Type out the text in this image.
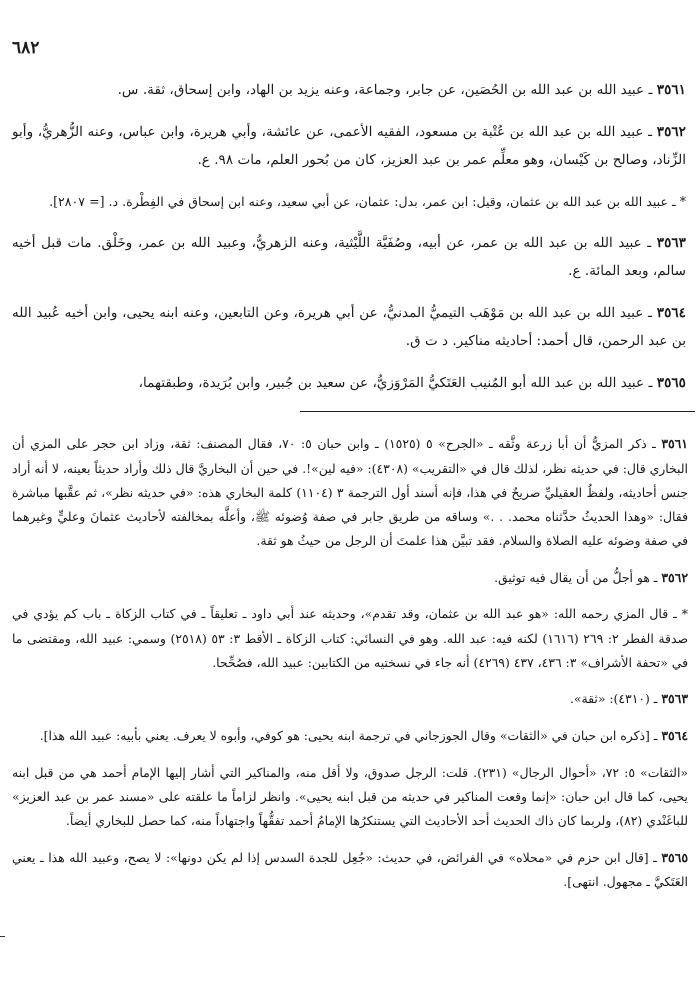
٦٨٢

٣٥٦١ ـ عبيد الله بن عبد الله بن الحُصَين، عن جابر، وجماعة، وعنه يزيد بن الهاد، وابن إسحاق، ثقة. س.

٣٥٦٢ ـ عبيد الله بن عبد الله بن عُتْبة بن مسعود، الفقيه الأعمى، عن عائشة، وأبي هريرة، وابن عباس، وعنه الزُّهريُّ، وأبو الزِّناد، وصالح بن كَيْسان، وهو معلِّم عمر بن عبد العزيز، كان من بُحور العلم، مات ٩٨. ع.

* ـ عبيد الله بن عبد الله بن عثمان، وقيل: ابن عمر، بدل: عثمان، عن أبي سعيد، وعنه ابن إسحاق في الفِطْرة. د. [= ٢٨٠٧].

٣٥٦٣ ـ عبيد الله بن عبد الله بن عمر، عن أبيه، وصُفَيَّة اللَّيْثية، وعنه الزهريُّ، وعبيد الله بن عمر، وخَلْق. مات قبل أخيه سالم، وبعد المائة. ع.

٣٥٦٤ ـ عبيد الله بن عبد الله بن مَوْهَب التيميُّ المدنيُّ، عن أبي هريرة، وعن التابعين، وعنه ابنه يحيى، وابن أخيه عُبيد الله بن عبد الرحمن، قال أحمد: أحاديثه مناكير. د ت ق.

٣٥٦٥ ـ عبيد الله بن عبد الله أبو المُنيب العَتَكيُّ المَرْوَزيُّ، عن سعيد بن جُبير، وابن بُرَيدة، وطبقتهما،

٣٥٦١ ـ ذكر المزيُّ أن أبا زرعة وثَّقه ـ «الجرح» ٥ (١٥٢٥) ـ وابن حبان ٥: ٧٠، فقال المصنف: ثقة، وزاد ابن حجر على المزي أن البخاري قال: في حديثه نظر، لذلك قال في «التقريب» (٤٣٠٨): «فيه لين»!. في حين أن البخاريَّ قال ذلك وأراد حديثاً بعينه، لا أنه أراد جنس أحاديثه، ولفظُ العقيليِّ صريحٌ في هذا، فإنه أسند أول الترجمة ٣ (١١٠٤) كلمة البخاري هذه: «في حديثه نظر»، ثم عقَّبها مباشرة فقال: «وهذا الحديثُ حدَّثناه محمد. . .» وساقه من طريق جابر في صفة وُضوئه ﷺ، وأعلَّه بمخالفته لأحاديث عثمانَ وعليٍّ وغيرهما في صفة وضوئه عليه الصلاة والسلام. فقد تبيَّن هذا علمتَ أن الرجل من حيثُ هو ثقة.

٣٥٦٢ ـ هو أجلُّ من أن يقال فيه توثيق.

* ـ قال المزي رحمه الله: «هو عبد الله بن عثمان، وقد تقدم»، وحديثه عند أبي داود ـ تعليقاً ـ في كتاب الزكاة ـ باب كم يؤدي في صدقة الفطر ٢: ٢٦٩ (١٦١٦) لكنه فيه: عبد الله. وهو في النسائي: كتاب الزكاة ـ الأقط ٣: ٥٣ (٢٥١٨) وسمي: عبيد الله، ومقتضى ما في «تحفة الأشراف» ٣: ٤٣٦، ٤٣٧ (٤٢٦٩) أنه جاء في نسختيه من الكتابين: عبيد الله، فصُحِّحا.

٣٥٦٣ ـ (٤٣١٠): «ثقة».

٣٥٦٤ ـ [ذكره ابن حبان في «الثقات» وقال الجوزجاني في ترجمة ابنه يحيى: هو كوفي، وأبوه لا يعرف. يعني بأبيه: عبيد الله هذا].

«الثقات» ٥: ٧٢، «أحوال الرجال» (٢٣١). قلت: الرجل صدوق، ولا أقل منه، والمناكير التي أشار إليها الإمام أحمد هي من قبل ابنه يحيى، كما قال ابن حبان: «إنما وقعت المناكير في حديثه من قبل ابنه يحيى». وانظر لزاماً ما علقته على «مسند عمر بن عبد العزيز» للباغَنْدي (٨٢)، ولربما كان ذاك الحديث أحد الأحاديث التي يستنكرُها الإمامُ أحمد تفقُّهاً واجتهاداً منه، كما حصل للبخاري أيضاً.

٣٥٦٥ ـ [قال ابن حزم في «محلاه» في الفرائض، في حديث: «جُعِل للجدة السدس إذا لم يكن دونها»: لا يصح، وعبيد الله هذا ـ يعني العَتَكيَّ ـ مجهول. انتهى].
